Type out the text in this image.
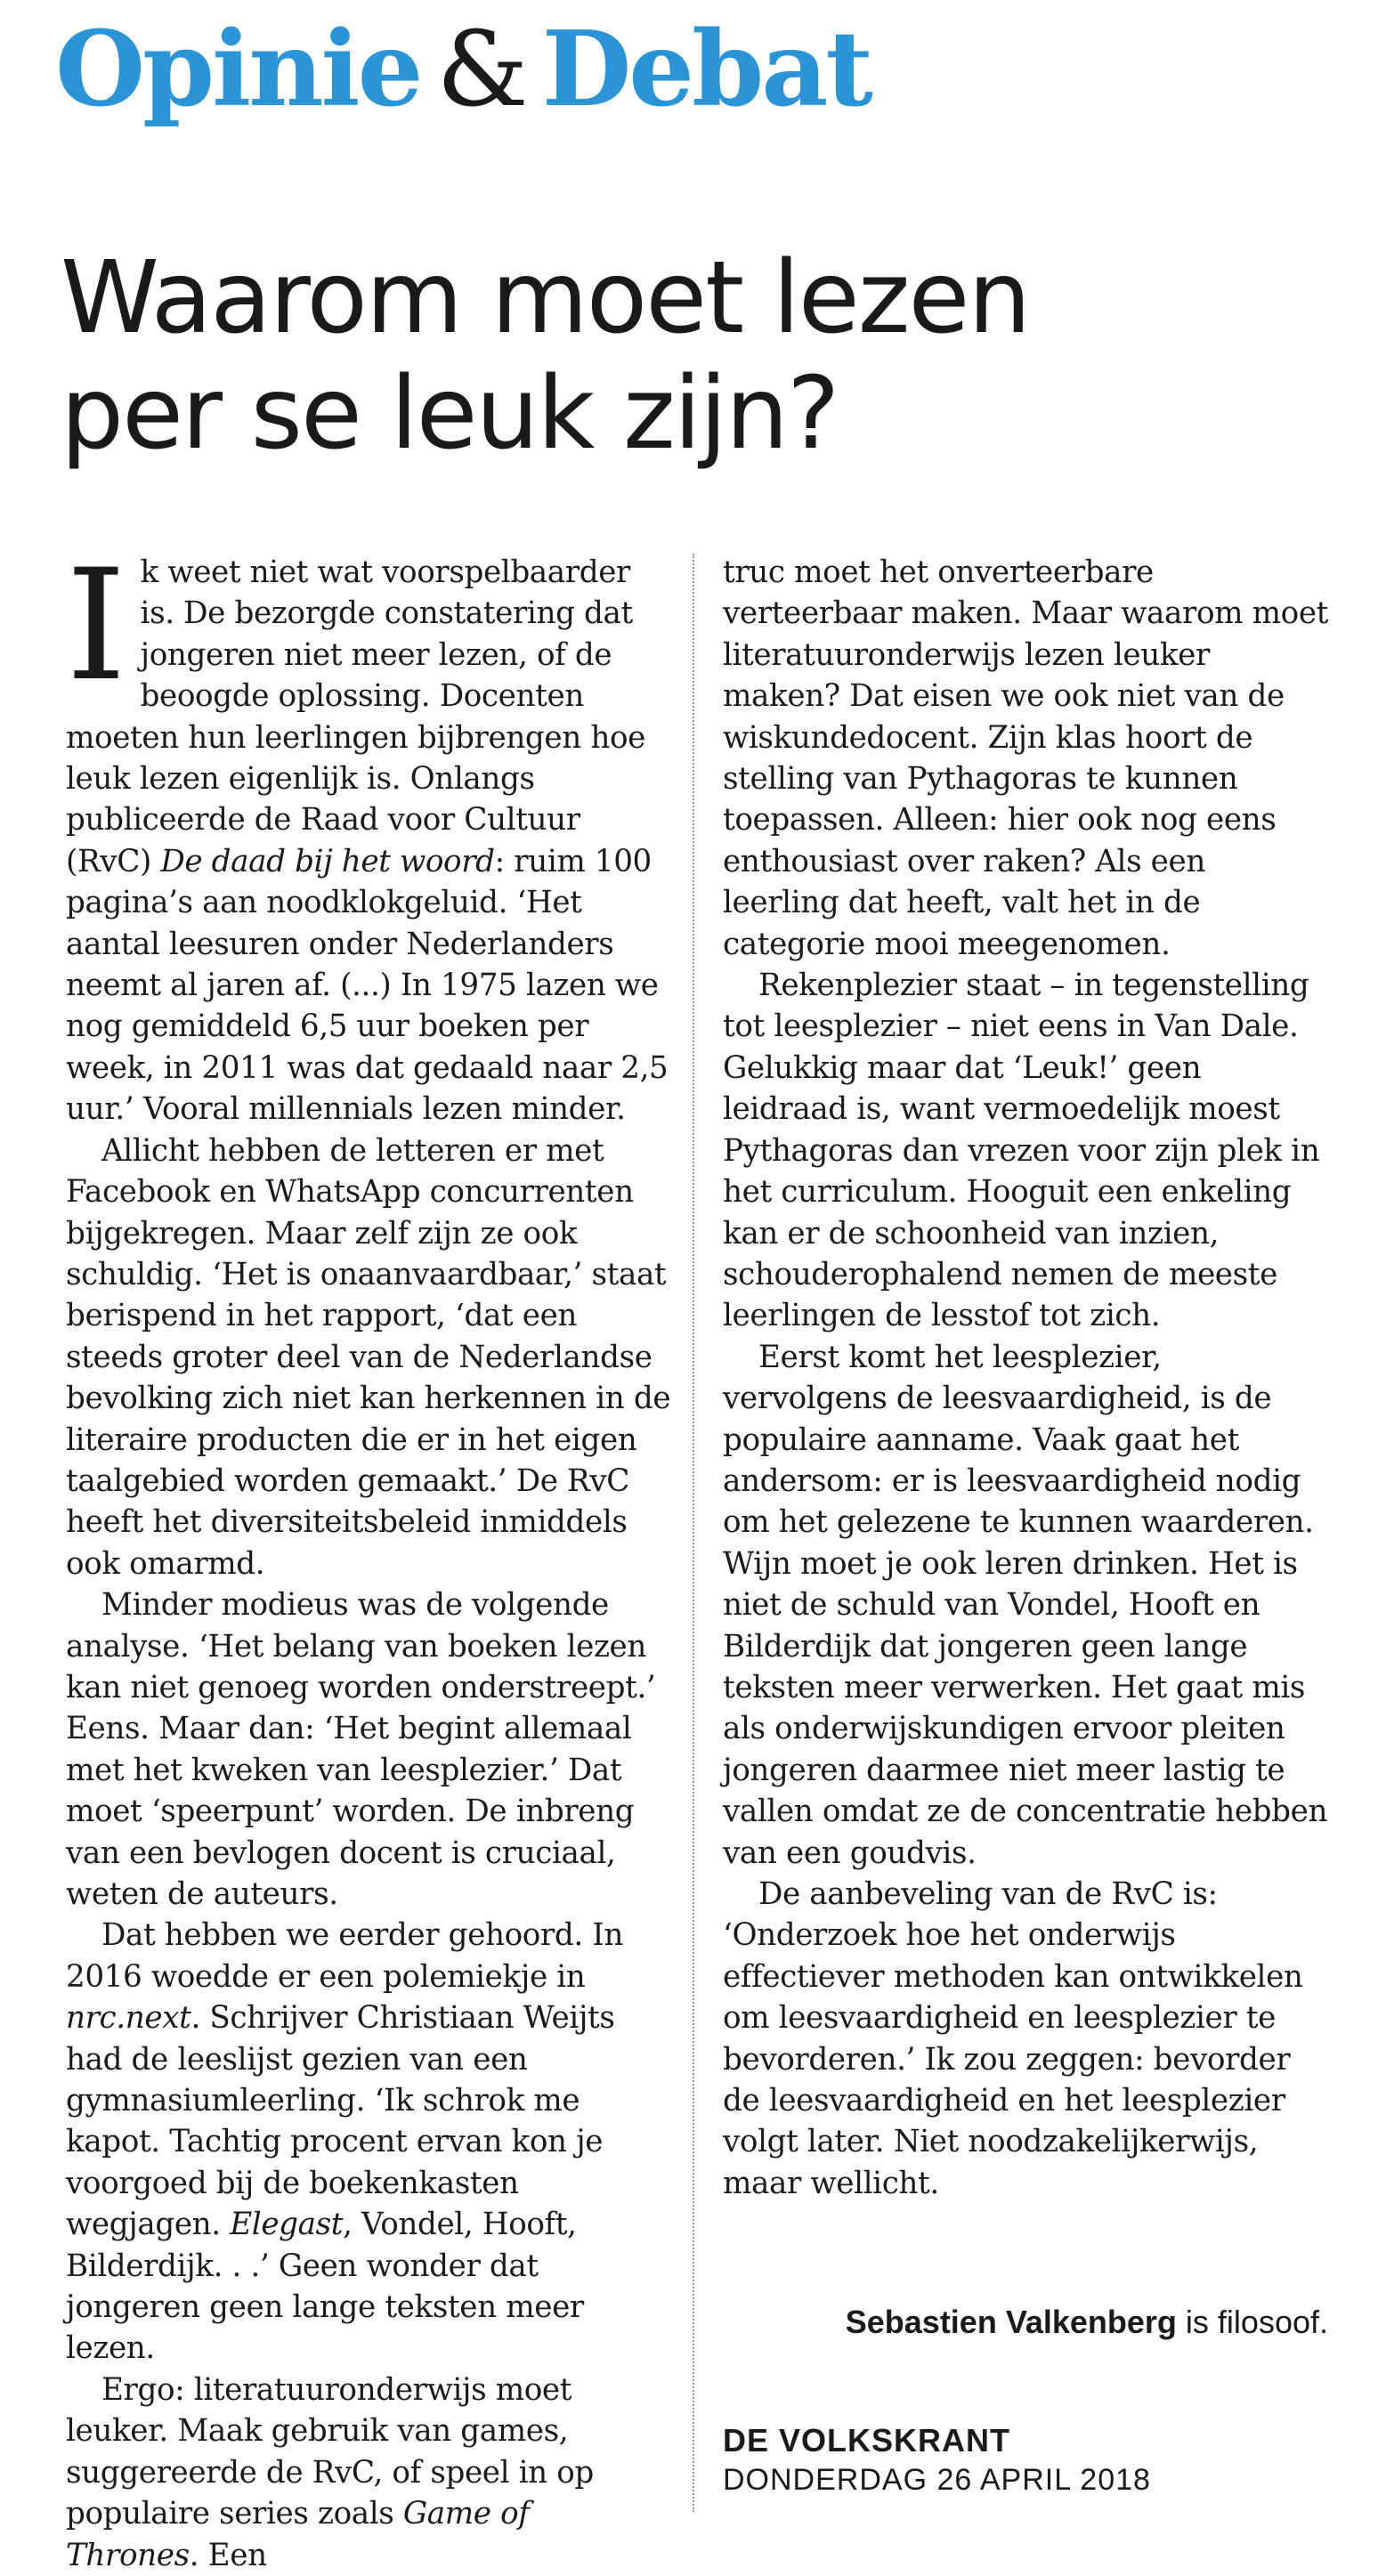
Opinie & Debat
Waarom moet lezen
per se leuk zijn?

Ik weet niet wat voorspelbaarder is. De bezorgde constatering dat jongeren niet meer lezen, of de beoogde oplossing. Docenten moeten hun leerlingen bijbrengen hoe leuk lezen eigenlijk is. Onlangs publiceerde de Raad voor Cultuur (RvC) De daad bij het woord: ruim 100 pagina’s aan noodklokgeluid. ‘Het aantal leesuren onder Nederlanders neemt al jaren af. (...) In 1975 lazen we nog gemiddeld 6,5 uur boeken per week, in 2011 was dat gedaald naar 2,5 uur.’ Vooral millennials lezen minder.

Allicht hebben de letteren er met Facebook en WhatsApp concurrenten bijgekregen. Maar zelf zijn ze ook schuldig. ‘Het is onaanvaardbaar,’ staat berispend in het rapport, ‘dat een steeds groter deel van de Nederlandse bevolking zich niet kan herkennen in de literaire producten die er in het eigen taalgebied worden gemaakt.’ De RvC heeft het diversiteitsbeleid inmiddels ook omarmd.

Minder modieus was de volgende analyse. ‘Het belang van boeken lezen kan niet genoeg worden onderstreept.’ Eens. Maar dan: ‘Het begint allemaal met het kweken van leesplezier.’ Dat moet ‘speerpunt’ worden. De inbreng van een bevlogen docent is cruciaal, weten de auteurs.

Dat hebben we eerder gehoord. In 2016 woedde er een polemiekje in nrc.next. Schrijver Christiaan Weijts had de leeslijst gezien van een gymnasiumleerling. ‘Ik schrok me kapot. Tachtig procent ervan kon je voorgoed bij de boekenkasten wegjagen. Elegast, Vondel, Hooft, Bilderdijk. . .’ Geen wonder dat jongeren geen lange teksten meer lezen.

Ergo: literatuuronderwijs moet leuker. Maak gebruik van games, suggereerde de RvC, of speel in op populaire series zoals Game of Thrones. Een

truc moet het onverteerbare verteerbaar maken. Maar waarom moet literatuuronderwijs lezen leuker maken? Dat eisen we ook niet van de wiskundedocent. Zijn klas hoort de stelling van Pythagoras te kunnen toepassen. Alleen: hier ook nog eens enthousiast over raken? Als een leerling dat heeft, valt het in de categorie mooi meegenomen.

Rekenplezier staat – in tegenstelling tot leesplezier – niet eens in Van Dale. Gelukkig maar dat ‘Leuk!’ geen leidraad is, want vermoedelijk moest Pythagoras dan vrezen voor zijn plek in het curriculum. Hooguit een enkeling kan er de schoonheid van inzien, schouderophalend nemen de meeste leerlingen de lesstof tot zich.

Eerst komt het leesplezier, vervolgens de leesvaardigheid, is de populaire aanname. Vaak gaat het andersom: er is leesvaardigheid nodig om het gelezene te kunnen waarderen. Wijn moet je ook leren drinken. Het is niet de schuld van Vondel, Hooft en Bilderdijk dat jongeren geen lange teksten meer verwerken. Het gaat mis als onderwijskundigen ervoor pleiten jongeren daarmee niet meer lastig te vallen omdat ze de concentratie hebben van een goudvis.

De aanbeveling van de RvC is: ‘Onderzoek hoe het onderwijs effectiever methoden kan ontwikkelen om leesvaardigheid en leesplezier te bevorderen.’ Ik zou zeggen: bevorder de leesvaardigheid en het leesplezier volgt later. Niet noodzakelijkerwijs, maar wellicht.

Sebastien Valkenberg is filosoof.
DE VOLKSKRANT
DONDERDAG 26 APRIL 2018
